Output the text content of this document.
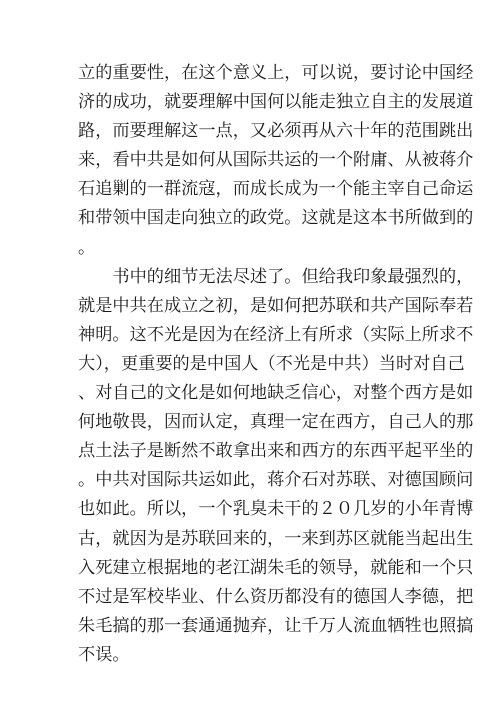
立的重要性，在这个意义上，可以说，要讨论中国经
济的成功，就要理解中国何以能走独立自主的发展道
路，而要理解这一点，又必须再从六十年的范围跳出
来，看中共是如何从国际共运的一个附庸、从被蒋介
石追剿的一群流寇，而成长成为一个能主宰自己命运
和带领中国走向独立的政党。这就是这本书所做到的
。
　　书中的细节无法尽述了。但给我印象最强烈的，
就是中共在成立之初，是如何把苏联和共产国际奉若
神明。这不光是因为在经济上有所求（实际上所求不
大），更重要的是中国人（不光是中共）当时对自己
、对自己的文化是如何地缺乏信心，对整个西方是如
何地敬畏，因而认定，真理一定在西方，自己人的那
点土法子是断然不敢拿出来和西方的东西平起平坐的
。中共对国际共运如此，蒋介石对苏联、对德国顾问
也如此。所以，一个乳臭未干的２０几岁的小年青博
古，就因为是苏联回来的，一来到苏区就能当起出生
入死建立根据地的老江湖朱毛的领导，就能和一个只
不过是军校毕业、什么资历都没有的德国人李德，把
朱毛搞的那一套通通抛弃，让千万人流血牺牲也照搞
不误。
